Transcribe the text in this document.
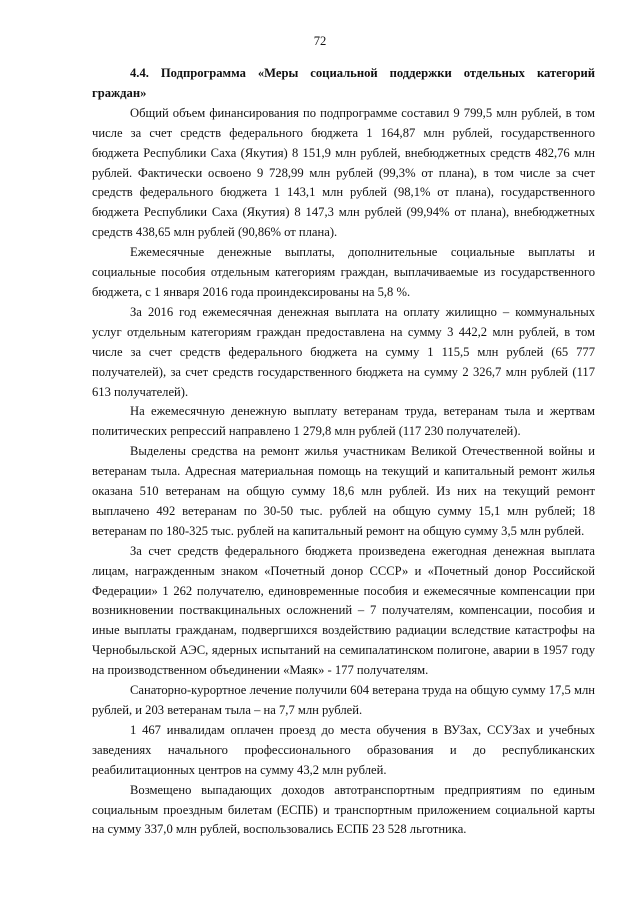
72

4.4. Подпрограмма «Меры социальной поддержки отдельных категорий граждан»

Общий объем финансирования по подпрограмме составил 9 799,5 млн рублей, в том числе за счет средств федерального бюджета 1 164,87 млн рублей, государственного бюджета Республики Саха (Якутия) 8 151,9 млн рублей, внебюджетных средств 482,76 млн рублей. Фактически освоено 9 728,99 млн рублей (99,3% от плана), в том числе за счет средств федерального бюджета 1 143,1 млн рублей (98,1% от плана), государственного бюджета Республики Саха (Якутия) 8 147,3 млн рублей (99,94% от плана), внебюджетных средств 438,65 млн рублей (90,86% от плана).

Ежемесячные денежные выплаты, дополнительные социальные выплаты и социальные пособия отдельным категориям граждан, выплачиваемые из государственного бюджета, с 1 января 2016 года проиндексированы на 5,8 %.

За 2016 год ежемесячная денежная выплата на оплату жилищно – коммунальных услуг отдельным категориям граждан предоставлена на сумму 3 442,2 млн рублей, в том числе за счет средств федерального бюджета на сумму 1 115,5 млн рублей (65 777 получателей), за счет средств государственного бюджета на сумму 2 326,7 млн рублей (117 613 получателей).

На ежемесячную денежную выплату ветеранам труда, ветеранам тыла и жертвам политических репрессий направлено 1 279,8 млн рублей (117 230 получателей).

Выделены средства на ремонт жилья участникам Великой Отечественной войны и ветеранам тыла. Адресная материальная помощь на текущий и капитальный ремонт жилья оказана 510 ветеранам на общую сумму 18,6 млн рублей. Из них на текущий ремонт выплачено 492 ветеранам по 30-50 тыс. рублей на общую сумму 15,1 млн рублей; 18 ветеранам по 180-325 тыс. рублей на капитальный ремонт на общую сумму 3,5 млн рублей.

За счет средств федерального бюджета произведена ежегодная денежная выплата лицам, награжденным знаком «Почетный донор СССР» и «Почетный донор Российской Федерации» 1 262 получателю, единовременные пособия и ежемесячные компенсации при возникновении поствакцинальных осложнений – 7 получателям, компенсации, пособия и иные выплаты гражданам, подвергшихся воздействию радиации вследствие катастрофы на Чернобыльской АЭС, ядерных испытаний на семипалатинском полигоне, аварии в 1957 году на производственном объединении «Маяк» - 177 получателям.

Санаторно-курортное лечение получили 604 ветерана труда на общую сумму 17,5 млн рублей, и 203 ветеранам тыла – на 7,7 млн рублей.

1 467 инвалидам оплачен проезд до места обучения в ВУЗах, ССУЗах и учебных заведениях начального профессионального образования и до республиканских реабилитационных центров на сумму 43,2 млн рублей.

Возмещено выпадающих доходов автотранспортным предприятиям по единым социальным проездным билетам (ЕСПБ) и транспортным приложением социальной карты на сумму 337,0 млн рублей, воспользовались ЕСПБ 23 528 льготника.
